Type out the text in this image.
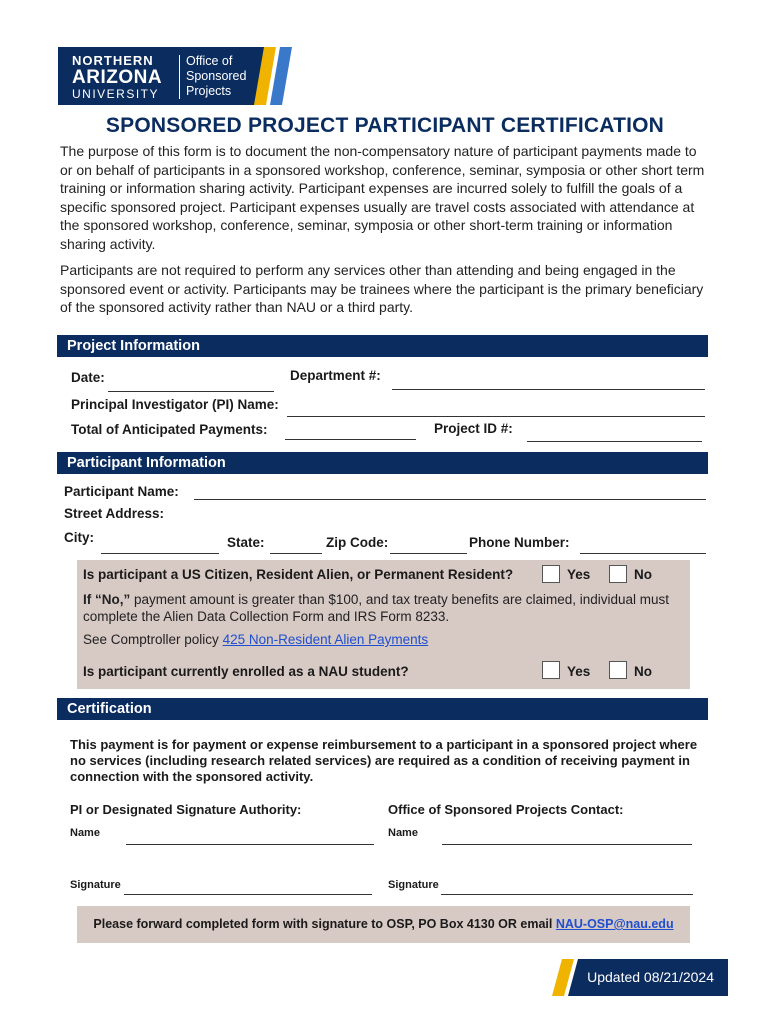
NORTHERN
ARIZONA
UNIVERSITY
Office of
Sponsored
Projects
SPONSORED PROJECT PARTICIPANT CERTIFICATION
The purpose of this form is to document the non-compensatory nature of participant payments made to or on behalf of participants in a sponsored workshop, conference, seminar, symposia or other short term training or information sharing activity. Participant expenses are incurred solely to fulfill the goals of a specific sponsored project. Participant expenses usually are travel costs associated with attendance at the sponsored workshop, conference, seminar, symposia or other short-term training or information sharing activity.
Participants are not required to perform any services other than attending and being engaged in the sponsored event or activity. Participants may be trainees where the participant is the primary beneficiary of the sponsored activity rather than NAU or a third party.
Project Information
Date:	Department #:
Principal Investigator (PI) Name:
Total of Anticipated Payments:	Project ID #:
Participant Information
Participant Name:
Street Address:
City:	State:	Zip Code:	Phone Number:
Is participant a US Citizen, Resident Alien, or Permanent Resident?	Yes	No
If “No,” payment amount is greater than $100, and tax treaty benefits are claimed, individual must complete the Alien Data Collection Form and IRS Form 8233.
See Comptroller policy 425 Non-Resident Alien Payments
Is participant currently enrolled as a NAU student?	Yes	No
Certification
This payment is for payment or expense reimbursement to a participant in a sponsored project where no services (including research related services) are required as a condition of receiving payment in connection with the sponsored activity.
PI or Designated Signature Authority:	Office of Sponsored Projects Contact:
Name	Name
Signature	Signature
Please forward completed form with signature to OSP, PO Box 4130 OR email NAU-OSP@nau.edu
Updated 08/21/2024
